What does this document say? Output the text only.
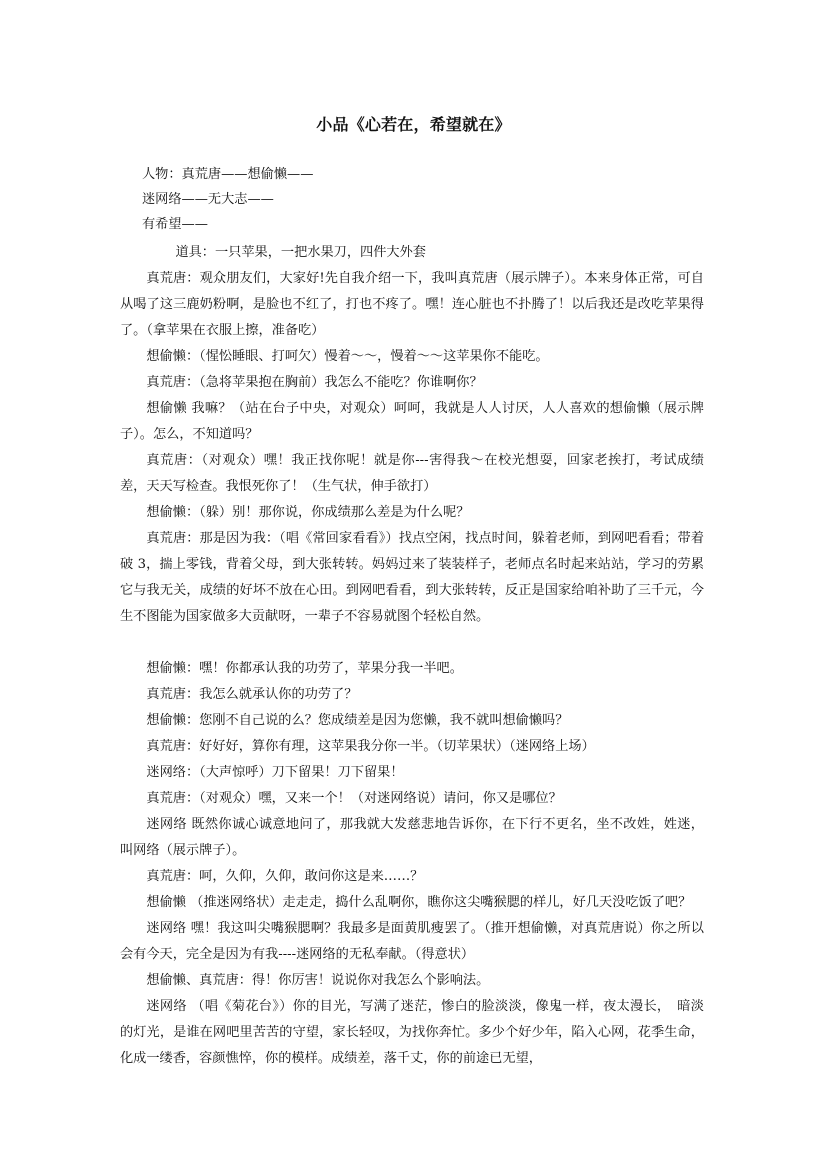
小品《心若在，希望就在》
人物：真荒唐——想偷懒——
迷网络——无大志——
有希望——

道具：一只苹果，一把水果刀，四件大外套

真荒唐：观众朋友们，大家好!先自我介绍一下，我叫真荒唐（展示牌子）。本来身体正常，可自从喝了这三鹿奶粉啊，是脸也不红了，打也不疼了。嘿！连心脏也不扑腾了！以后我还是改吃苹果得了。（拿苹果在衣服上擦，准备吃）

想偷懒：（惺忪睡眼、打呵欠）慢着～～，慢着～～这苹果你不能吃。

真荒唐：（急将苹果抱在胸前）我怎么不能吃？你谁啊你？

想偷懒 我嘛？（站在台子中央，对观众）呵呵，我就是人人讨厌，人人喜欢的想偷懒（展示牌子）。怎么，不知道吗？

真荒唐：（对观众）嘿！我正找你呢！就是你---害得我～在校光想耍，回家老挨打，考试成绩差，天天写检查。我恨死你了！（生气状，伸手欲打）

想偷懒：（躲）别！那你说，你成绩那么差是为什么呢？

真荒唐：那是因为我：（唱《常回家看看》）找点空闲，找点时间，躲着老师，到网吧看看；带着破 3，揣上零钱，背着父母，到大张转转。妈妈过来了装装样子，老师点名时起来站站，学习的劳累它与我无关，成绩的好坏不放在心田。到网吧看看，到大张转转，反正是国家给咱补助了三千元，今生不图能为国家做多大贡献呀，一辈子不容易就图个轻松自然。

想偷懒：嘿！你都承认我的功劳了，苹果分我一半吧。

真荒唐：我怎么就承认你的功劳了？

想偷懒：您刚不自己说的么？您成绩差是因为您懒，我不就叫想偷懒吗？

真荒唐：好好好，算你有理，这苹果我分你一半。（切苹果状）（迷网络上场）

迷网络：（大声惊呼）刀下留果！刀下留果！

真荒唐：（对观众）嘿，又来一个！（对迷网络说）请问，你又是哪位？

迷网络 既然你诚心诚意地问了，那我就大发慈悲地告诉你，在下行不更名，坐不改姓，姓迷，叫网络（展示牌子）。

真荒唐：呵，久仰，久仰，敢问你这是来……？

想偷懒 （推迷网络状）走走走，捣什么乱啊你，瞧你这尖嘴猴腮的样儿，好几天没吃饭了吧？

迷网络 嘿！我这叫尖嘴猴腮啊？我最多是面黄肌瘦罢了。（推开想偷懒，对真荒唐说）你之所以会有今天，完全是因为有我----迷网络的无私奉献。（得意状）

想偷懒、真荒唐：得！你厉害！说说你对我怎么个影响法。

迷网络 （唱《菊花台》）你的目光，写满了迷茫，惨白的脸淡淡，像鬼一样，夜太漫长，　暗淡的灯光，是谁在网吧里苦苦的守望，家长轻叹，为找你奔忙。多少个好少年，陷入心网，花季生命，化成一缕香，容颜憔悴，你的模样。成绩差，落千丈，你的前途已无望，
